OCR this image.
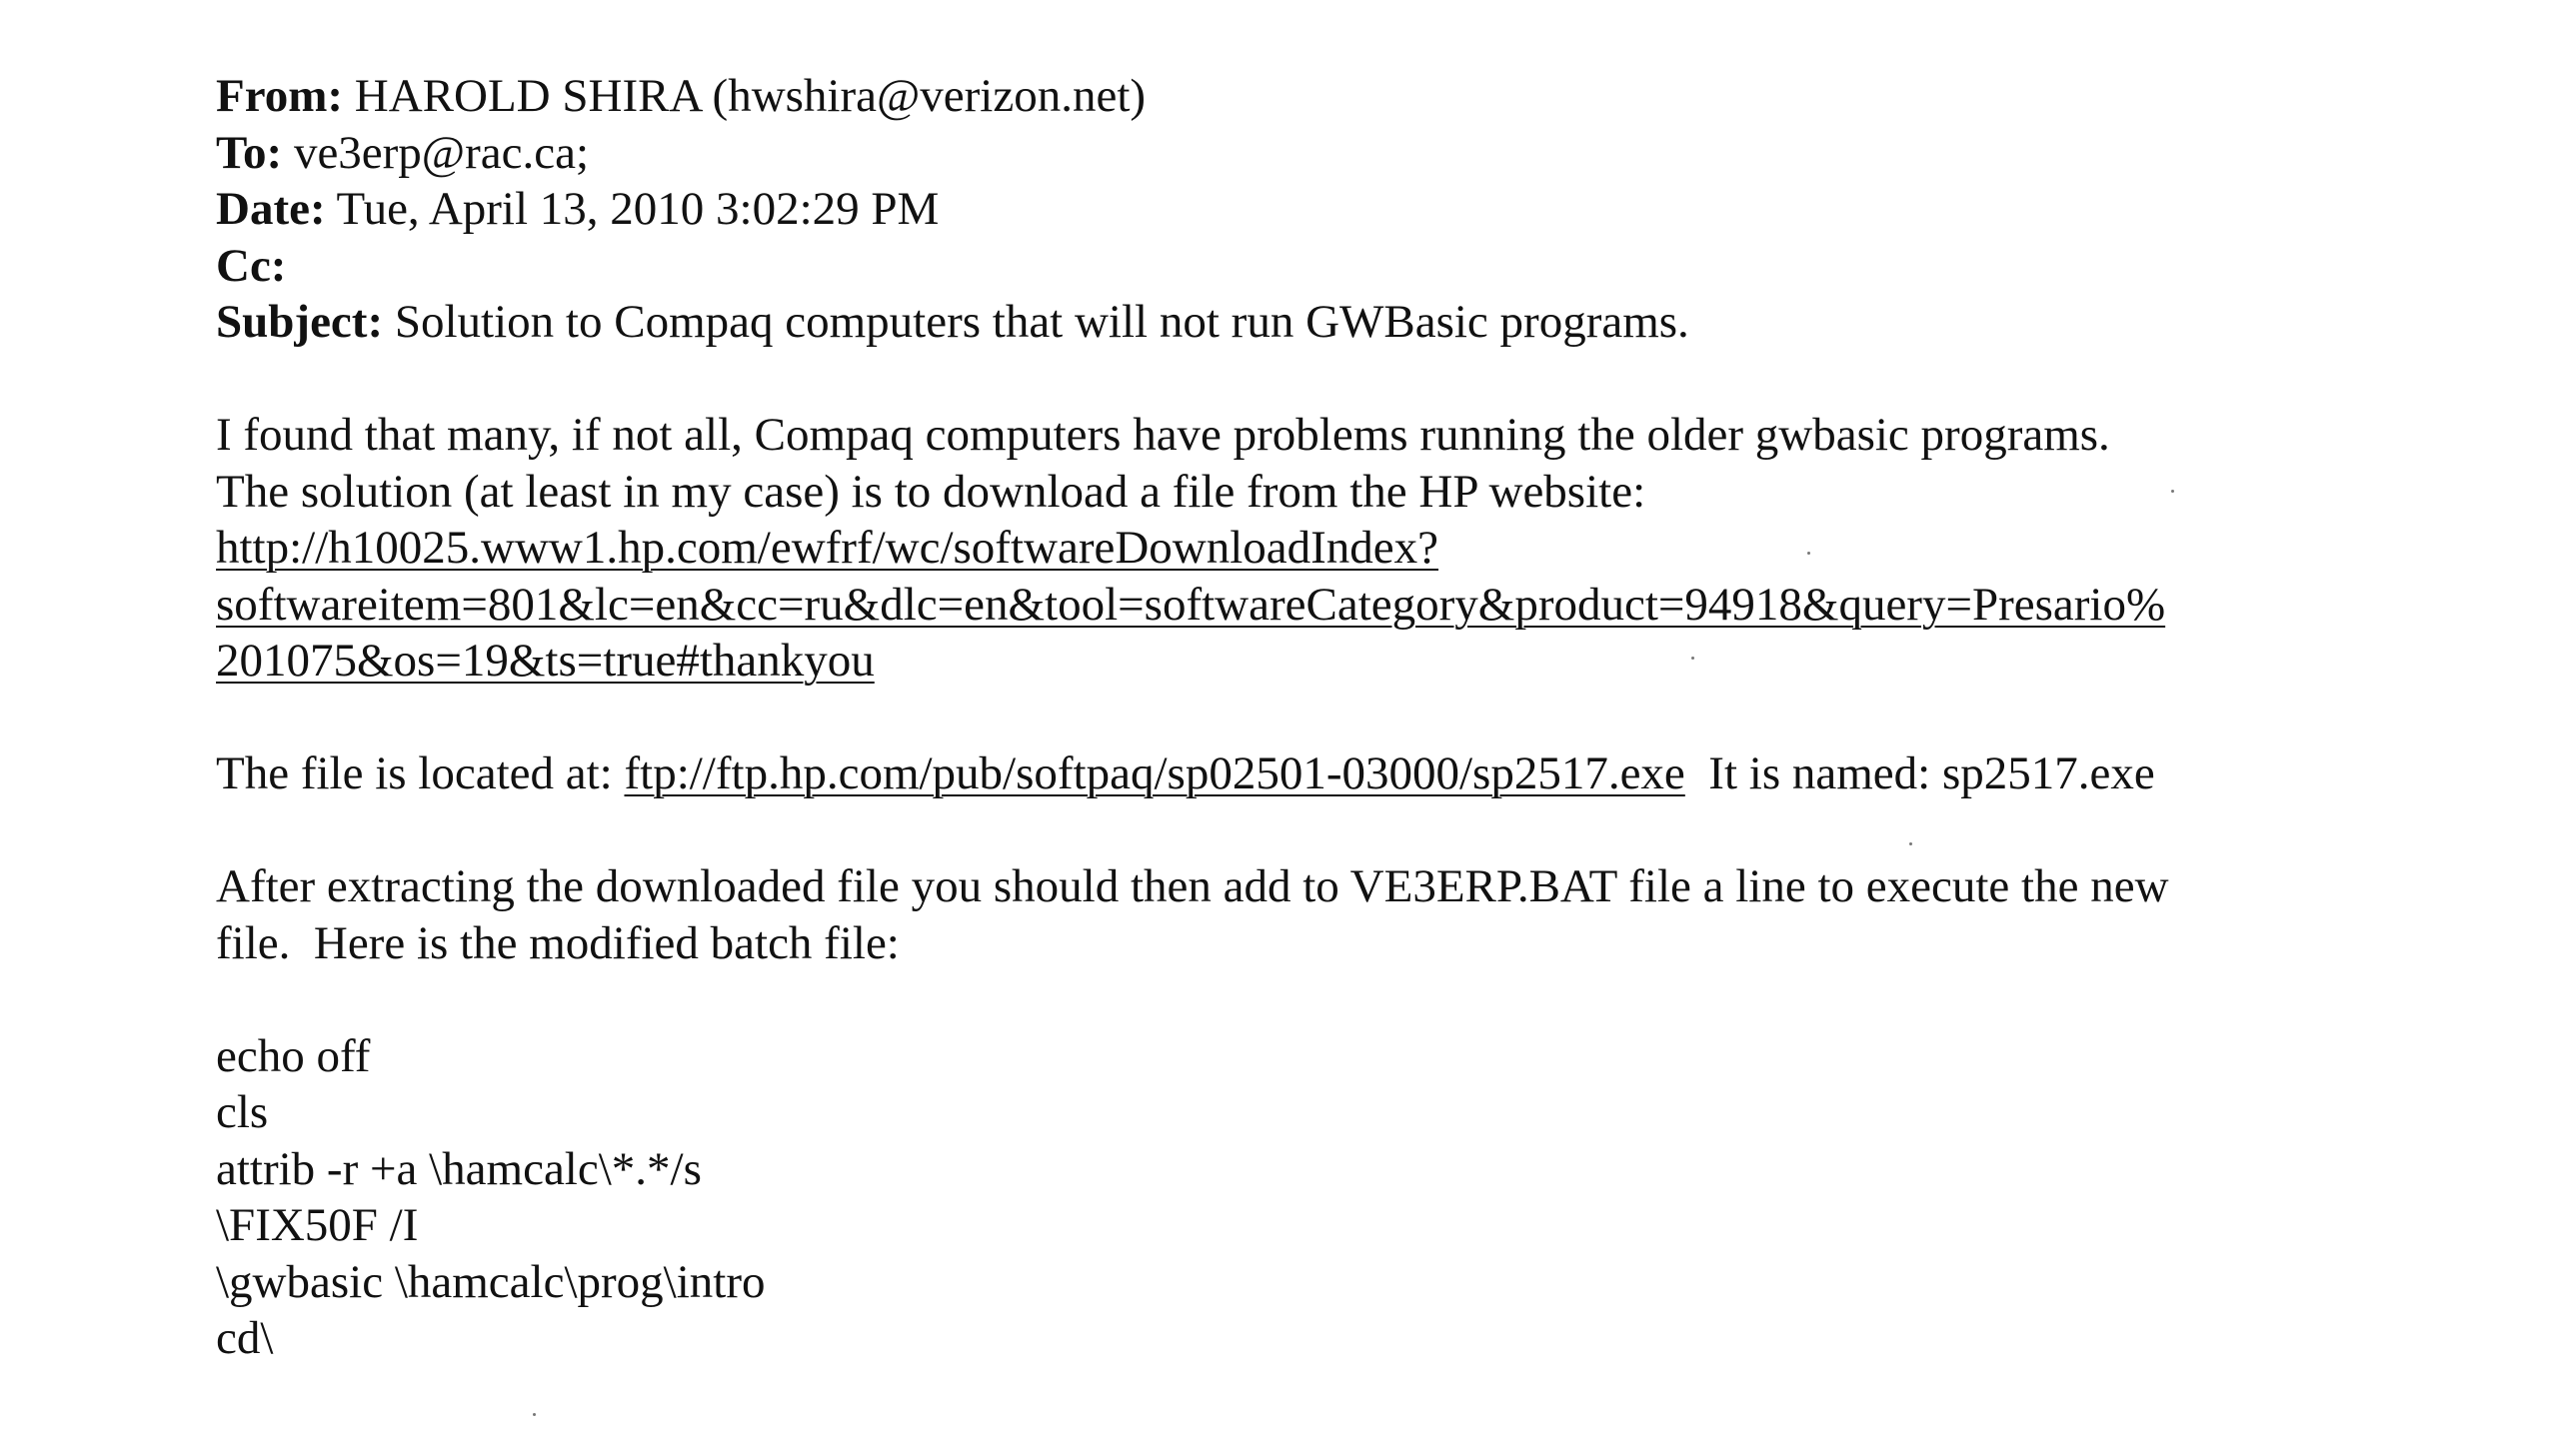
From: HAROLD SHIRA (hwshira@verizon.net)
To: ve3erp@rac.ca;
Date: Tue, April 13, 2010 3:02:29 PM
Cc:
Subject: Solution to Compaq computers that will not run GWBasic programs.
I found that many, if not all, Compaq computers have problems running the older gwbasic programs.
The solution (at least in my case) is to download a file from the HP website:
http://h10025.www1.hp.com/ewfrf/wc/softwareDownloadIndex?
softwareitem=801&lc=en&cc=ru&dlc=en&tool=softwareCategory&product=94918&query=Presario%
201075&os=19&ts=true#thankyou
The file is located at: ftp://ftp.hp.com/pub/softpaq/sp02501-03000/sp2517.exe  It is named: sp2517.exe
After extracting the downloaded file you should then add to VE3ERP.BAT file a line to execute the new
file.  Here is the modified batch file:
echo off
cls
attrib -r +a \hamcalc\*.*/s
\FIX50F /I
\gwbasic \hamcalc\prog\intro
cd\
